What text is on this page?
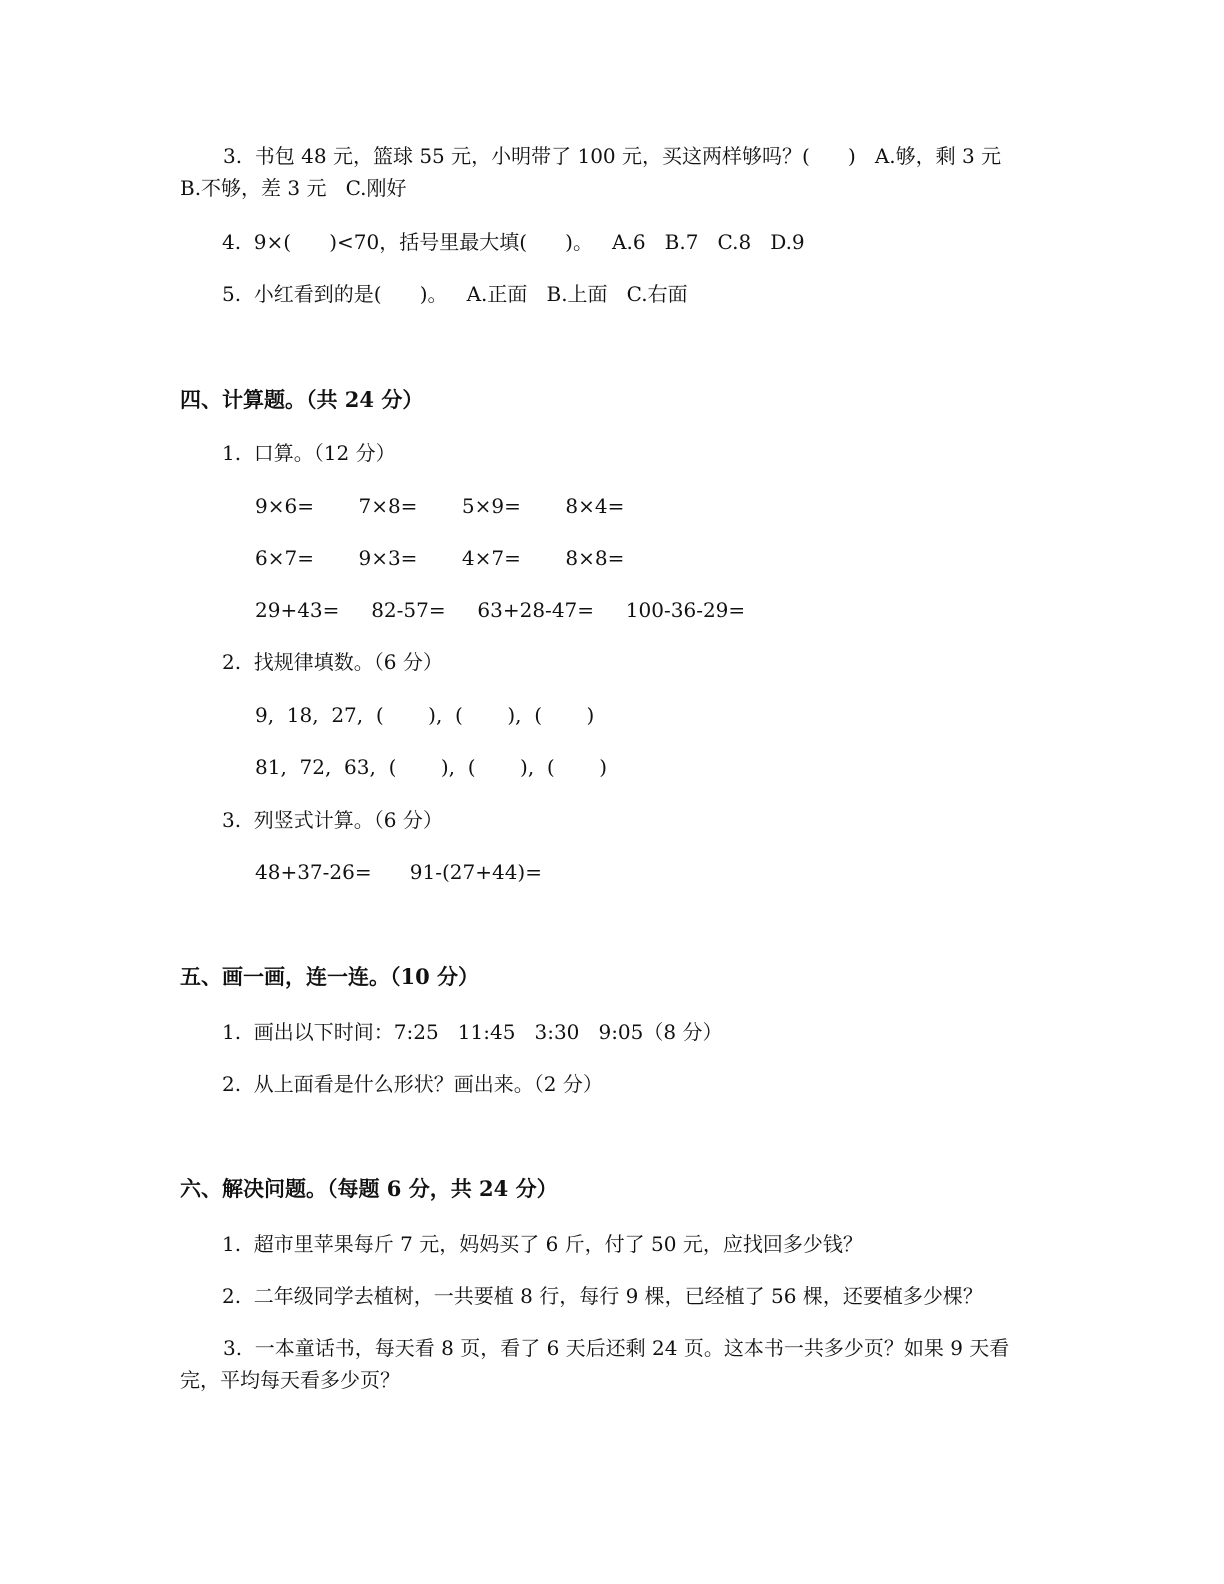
3.  书包 48 元，篮球 55 元，小明带了 100 元，买这两样够吗？(      )   A.够，剩 3 元   B.不够，差 3 元   C.刚好
4.  9×(      )<70，括号里最大填(      )。   A.6   B.7   C.8   D.9
5.  小红看到的是(      )。   A.正面   B.上面   C.右面
四、计算题。（共 24 分）
1.  口算。（12 分）
9×6=       7×8=       5×9=       8×4=
6×7=       9×3=       4×7=       8×8=
29+43=     82-57=     63+28-47=     100-36-29=
2.  找规律填数。（6 分）
9,  18,  27,  (       ),  (       ),  (       )
81,  72,  63,  (       ),  (       ),  (       )
3.  列竖式计算。（6 分）
48+37-26=      91-(27+44)=
五、画一画，连一连。（10 分）
1.  画出以下时间：7:25   11:45   3:30   9:05（8 分）
2.  从上面看是什么形状？画出来。（2 分）
六、解决问题。（每题 6 分，共 24 分）
1.  超市里苹果每斤 7 元，妈妈买了 6 斤，付了 50 元，应找回多少钱？
2.  二年级同学去植树，一共要植 8 行，每行 9 棵，已经植了 56 棵，还要植多少棵？
3.  一本童话书，每天看 8 页，看了 6 天后还剩 24 页。这本书一共多少页？如果 9 天看完，平均每天看多少页？
